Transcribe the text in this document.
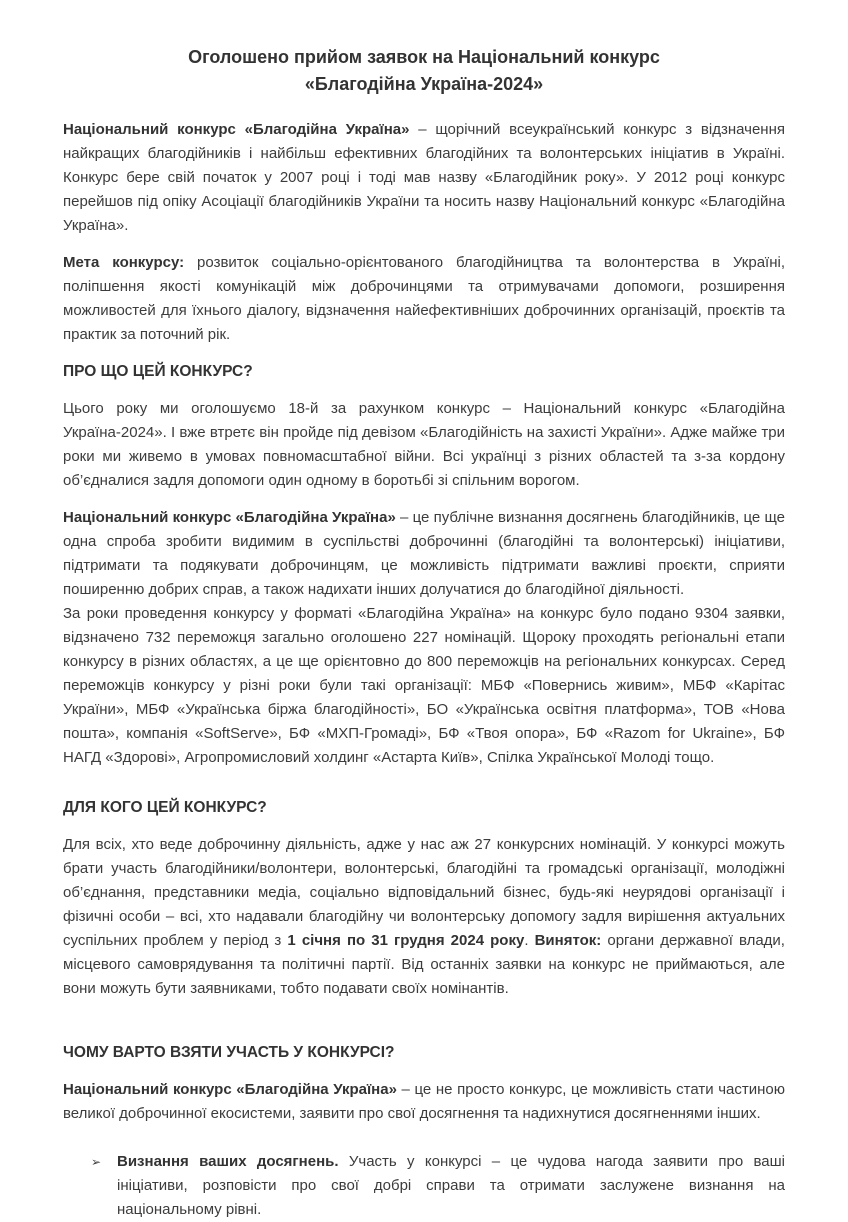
Оголошено прийом заявок на Національний конкурс
«Благодійна Україна-2024»

Національний конкурс «Благодійна Україна» – щорічний всеукраїнський конкурс з відзначення найкращих благодійників і найбільш ефективних благодійних та волонтерських ініціатив в Україні. Конкурс бере свій початок у 2007 році і тоді мав назву «Благодійник року». У 2012 році конкурс перейшов під опіку Асоціації благодійників України та носить назву Національний конкурс «Благодійна Україна».

Мета конкурсу: розвиток соціально-орієнтованого благодійництва та волонтерства в Україні, поліпшення якості комунікацій між доброчинцями та отримувачами допомоги, розширення можливостей для їхнього діалогу, відзначення найефективніших доброчинних організацій, проєктів та практик за поточний рік.

ПРО ЩО ЦЕЙ КОНКУРС?

Цього року ми оголошуємо 18-й за рахунком конкурс – Національний конкурс «Благодійна Україна-2024». І вже втретє він пройде під девізом «Благодійність на захисті України». Адже майже три роки ми живемо в умовах повномасштабної війни. Всі українці з різних областей та з-за кордону об’єдналися задля допомоги один одному в боротьбі зі спільним ворогом.

Національний конкурс «Благодійна Україна» – це публічне визнання досягнень благодійників, це ще одна спроба зробити видимим в суспільстві доброчинні (благодійні та волонтерські) ініціативи, підтримати та подякувати доброчинцям, це можливість підтримати важливі проєкти, сприяти поширенню добрих справ, а також надихати інших долучатися до благодійної діяльності.

За роки проведення конкурсу у форматі «Благодійна Україна» на конкурс було подано 9304 заявки, відзначено 732 переможця загально оголошено 227 номінацій. Щороку проходять регіональні етапи конкурсу в різних областях, а це ще орієнтовно до 800 переможців на регіональних конкурсах. Серед переможців конкурсу у різні роки були такі організації: МБФ «Повернись живим», МБФ «Карітас України», МБФ «Українська біржа благодійності», БО «Українська освітня платформа», ТОВ «Нова пошта», компанія «SoftServe», БФ «МХП-Громаді», БФ «Твоя опора», БФ «Razom for Ukraine», БФ НАГД «Здорові», Агропромисловий холдинг «Астарта Київ», Спілка Української Молоді тощо.

ДЛЯ КОГО ЦЕЙ КОНКУРС?

Для всіх, хто веде доброчинну діяльність, адже у нас аж 27 конкурсних номінацій. У конкурсі можуть брати участь благодійники/волонтери, волонтерські, благодійні та громадські організації, молодіжні об’єднання, представники медіа, соціально відповідальний бізнес, будь-які неурядові організації і фізичні особи – всі, хто надавали благодійну чи волонтерську допомогу задля вирішення актуальних суспільних проблем у період з 1 січня по 31 грудня 2024 року. Виняток: органи державної влади, місцевого самоврядування та політичні партії. Від останніх заявки на конкурс не приймаються, але вони можуть бути заявниками, тобто подавати своїх номінантів.

ЧОМУ ВАРТО ВЗЯТИ УЧАСТЬ У КОНКУРСІ?

Національний конкурс «Благодійна Україна» – це не просто конкурс, це можливість стати частиною великої доброчинної екосистеми, заявити про свої досягнення та надихнутися досягненнями інших.

➢	Визнання ваших досягнень. Участь у конкурсі – це чудова нагода заявити про ваші ініціативи, розповісти про свої добрі справи та отримати заслужене визнання на національному рівні.
